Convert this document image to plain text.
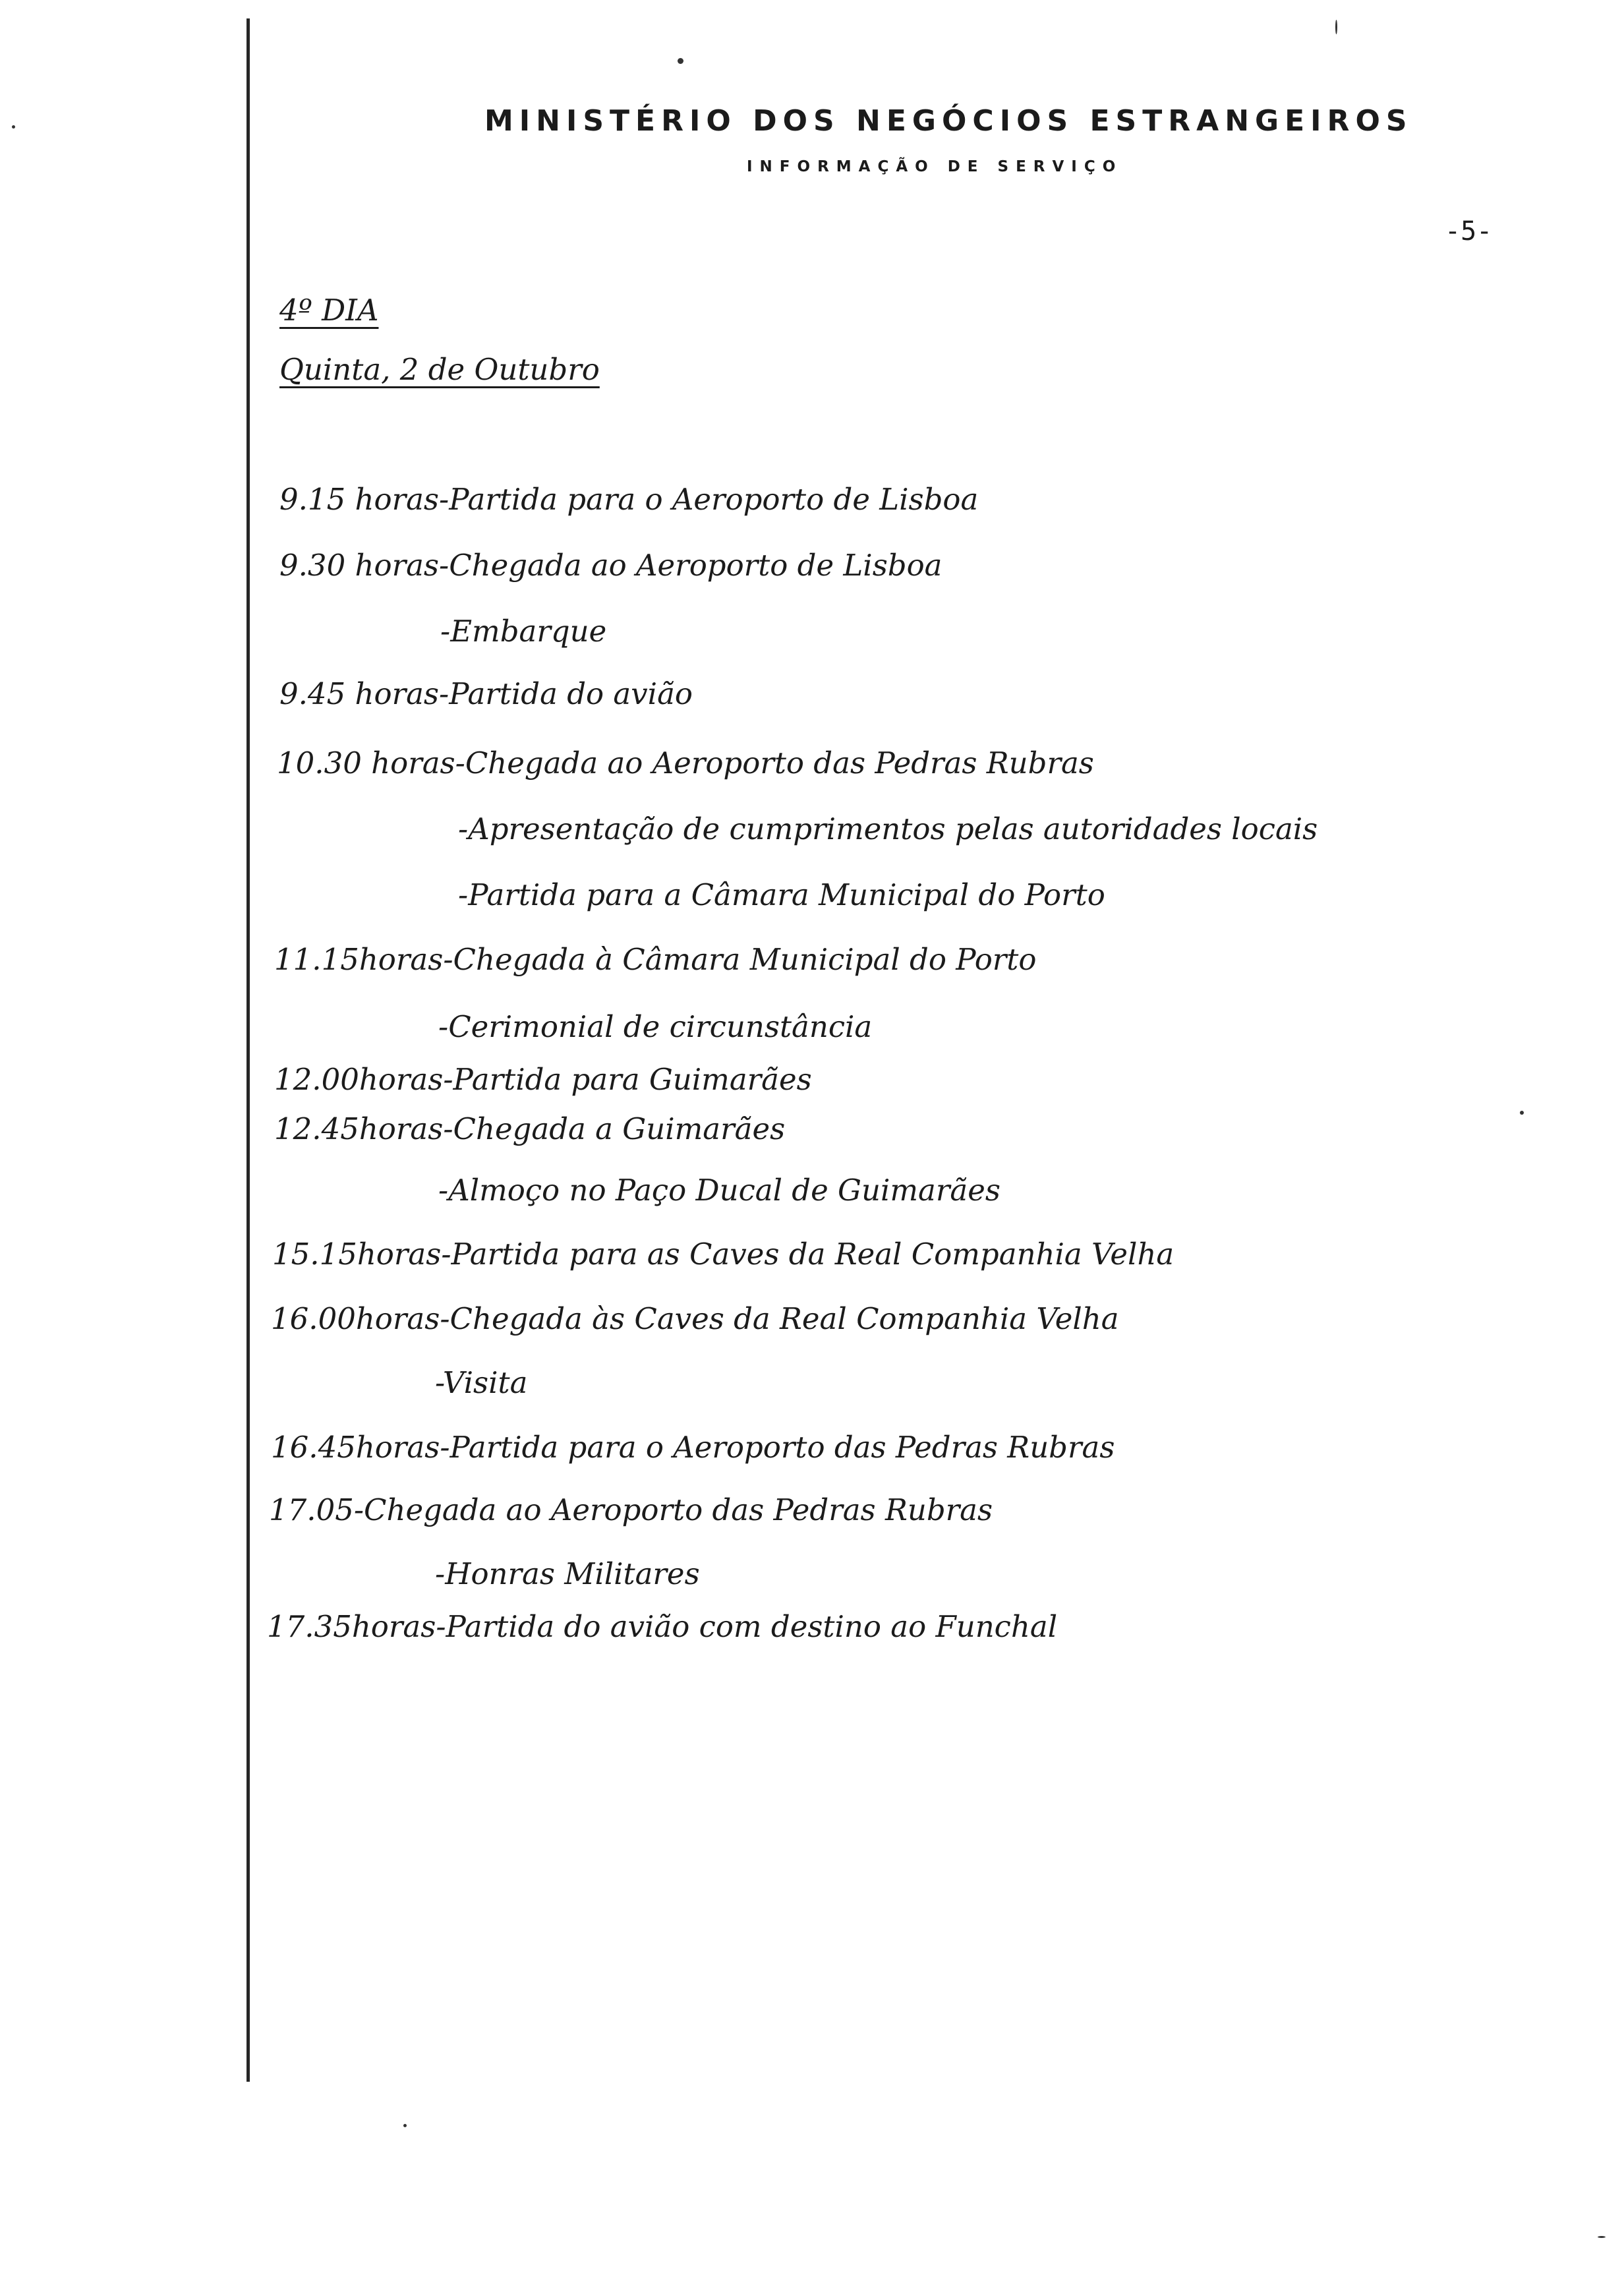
MINISTÉRIO DOS NEGÓCIOS ESTRANGEIROS
INFORMAÇÃO DE SERVIÇO
-5-
4º DIA
Quinta, 2 de Outubro
9.15 horas-Partida para o Aeroporto de Lisboa
9.30 horas-Chegada ao Aeroporto de Lisboa
-Embarque
9.45 horas-Partida do avião
10.30 horas-Chegada ao Aeroporto das Pedras Rubras
-Apresentação de cumprimentos pelas autoridades locais
-Partida para a Câmara Municipal do Porto
11.15horas-Chegada à Câmara Municipal do Porto
-Cerimonial de circunstância
12.00horas-Partida para Guimarães
12.45horas-Chegada a Guimarães
-Almoço no Paço Ducal de Guimarães
15.15horas-Partida para as Caves da Real Companhia Velha
16.00horas-Chegada às Caves da Real Companhia Velha
-Visita
16.45horas-Partida para o Aeroporto das Pedras Rubras
17.05-Chegada ao Aeroporto das Pedras Rubras
-Honras Militares
17.35horas-Partida do avião com destino ao Funchal
